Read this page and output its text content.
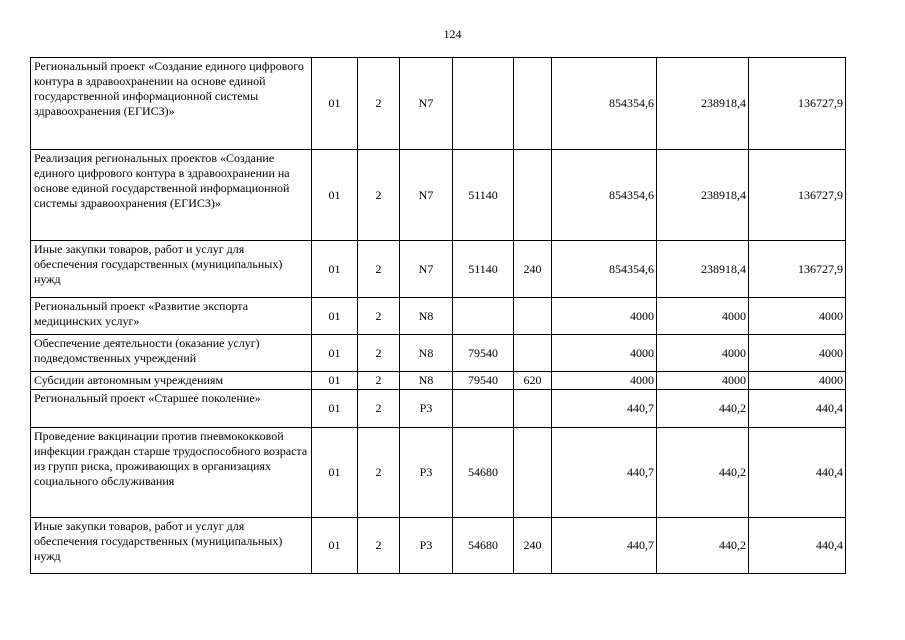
124
Региональный проект «Создание единого цифрового контура в здравоохранении на основе единой государственной информационной системы здравоохранения (ЕГИСЗ)»	01	2	N7			854354,6	238918,4	136727,9
Реализация региональных проектов «Создание единого цифрового контура в здравоохранении на основе единой государственной информационной системы здравоохранения (ЕГИСЗ)»	01	2	N7	51140		854354,6	238918,4	136727,9
Иные закупки товаров, работ и услуг для обеспечения государственных (муниципальных) нужд	01	2	N7	51140	240	854354,6	238918,4	136727,9
Региональный проект «Развитие экспорта медицинских услуг»	01	2	N8			4000	4000	4000
Обеспечение деятельности (оказание услуг) подведомственных учреждений	01	2	N8	79540		4000	4000	4000
Субсидии автономным учреждениям	01	2	N8	79540	620	4000	4000	4000
Региональный проект «Старшее поколение»	01	2	P3			440,7	440,2	440,4
Проведение вакцинации против пневмококковой инфекции граждан старше трудоспособного возраста из групп риска, проживающих в организациях социального обслуживания	01	2	P3	54680		440,7	440,2	440,4
Иные закупки товаров, работ и услуг для обеспечения государственных (муниципальных) нужд	01	2	P3	54680	240	440,7	440,2	440,4
